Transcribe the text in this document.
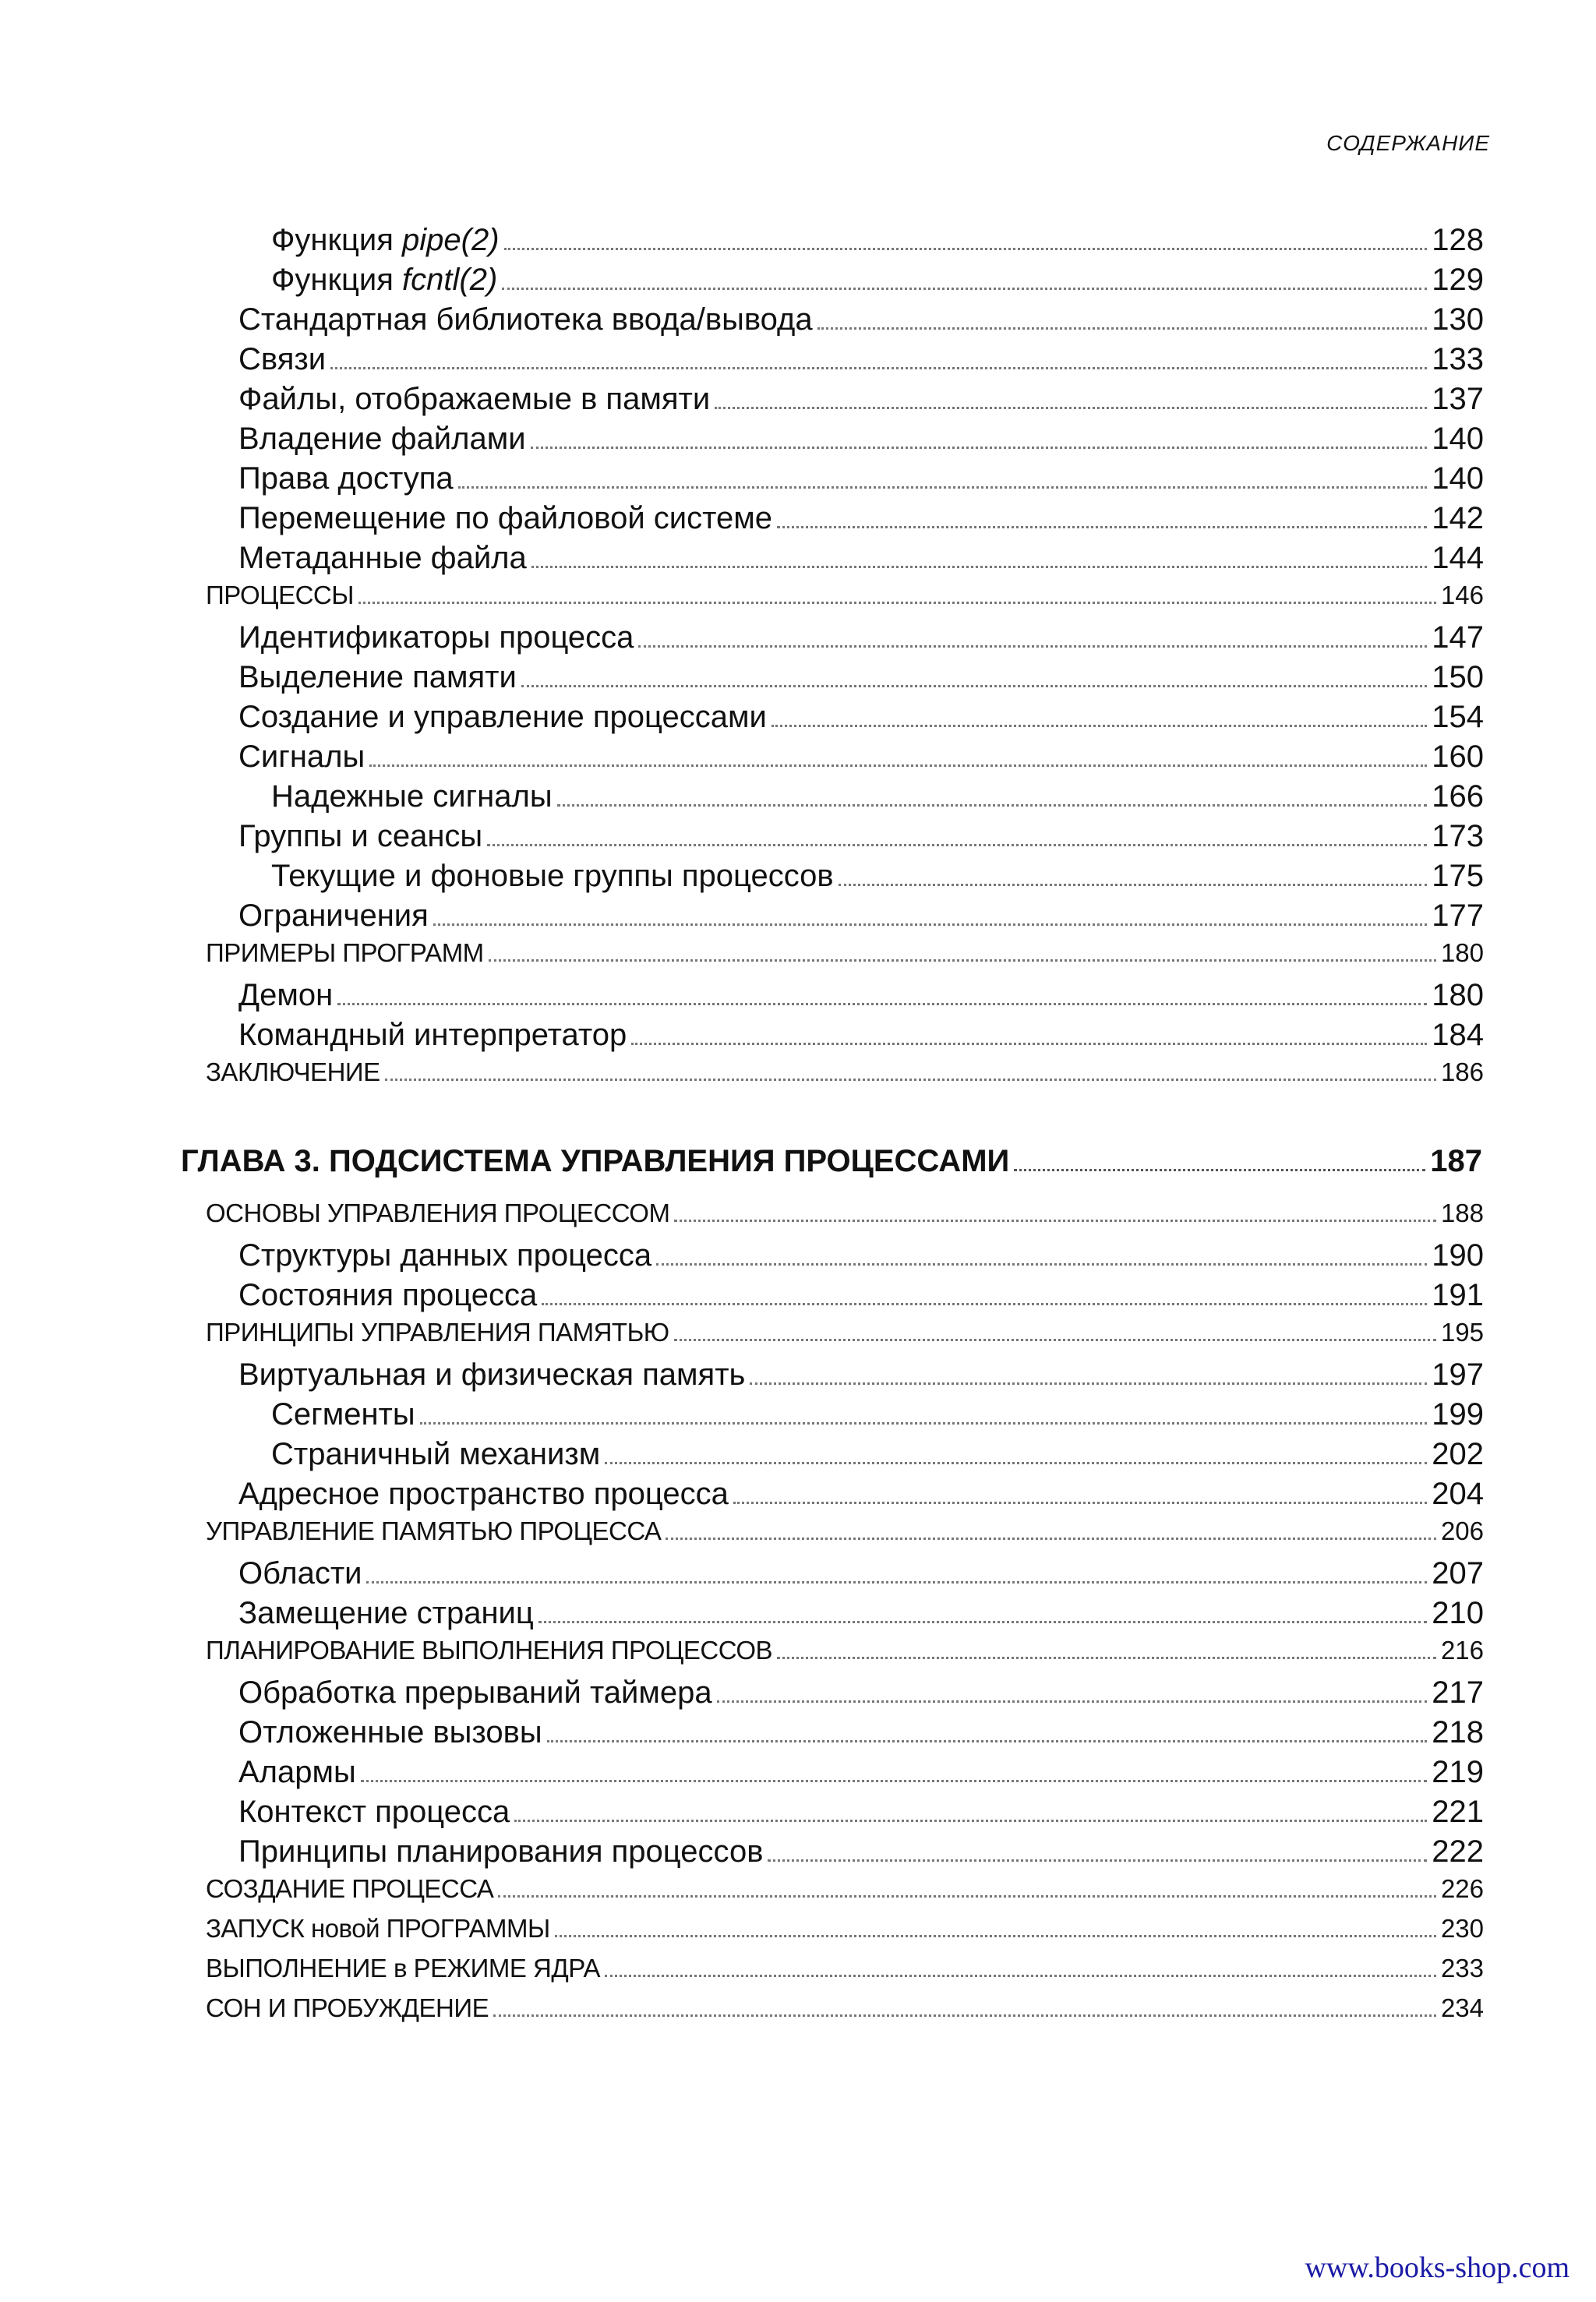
СОДЕРЖАНИЕ
Функция pipe(2)	128
Функция fcntl(2)	129
Стандартная библиотека ввода/вывода	130
Связи	133
Файлы, отображаемые в памяти	137
Владение файлами	140
Права доступа	140
Перемещение по файловой системе	142
Метаданные файла	144
ПРОЦЕССЫ	146
Идентификаторы процесса	147
Выделение памяти	150
Создание и управление процессами	154
Сигналы	160
Надежные сигналы	166
Группы и сеансы	173
Текущие и фоновые группы процессов	175
Ограничения	177
ПРИМЕРЫ ПРОГРАММ	180
Демон	180
Командный интерпретатор	184
ЗАКЛЮЧЕНИЕ	186
ГЛАВА 3. ПОДСИСТЕМА УПРАВЛЕНИЯ ПРОЦЕССАМИ	187
ОСНОВЫ УПРАВЛЕНИЯ ПРОЦЕССОМ	188
Структуры данных процесса	190
Состояния процесса	191
ПРИНЦИПЫ УПРАВЛЕНИЯ ПАМЯТЬЮ	195
Виртуальная и физическая память	197
Сегменты	199
Страничный механизм	202
Адресное пространство процесса	204
УПРАВЛЕНИЕ ПАМЯТЬЮ ПРОЦЕССА	206
Области	207
Замещение страниц	210
ПЛАНИРОВАНИЕ ВЫПОЛНЕНИЯ ПРОЦЕССОВ	216
Обработка прерываний таймера	217
Отложенные вызовы	218
Алармы	219
Контекст процесса	221
Принципы планирования процессов	222
СОЗДАНИЕ ПРОЦЕССА	226
ЗАПУСК новой ПРОГРАММЫ	230
ВЫПОЛНЕНИЕ в РЕЖИМЕ ЯДРА	233
СОН И ПРОБУЖДЕНИЕ	234
www.books-shop.com
